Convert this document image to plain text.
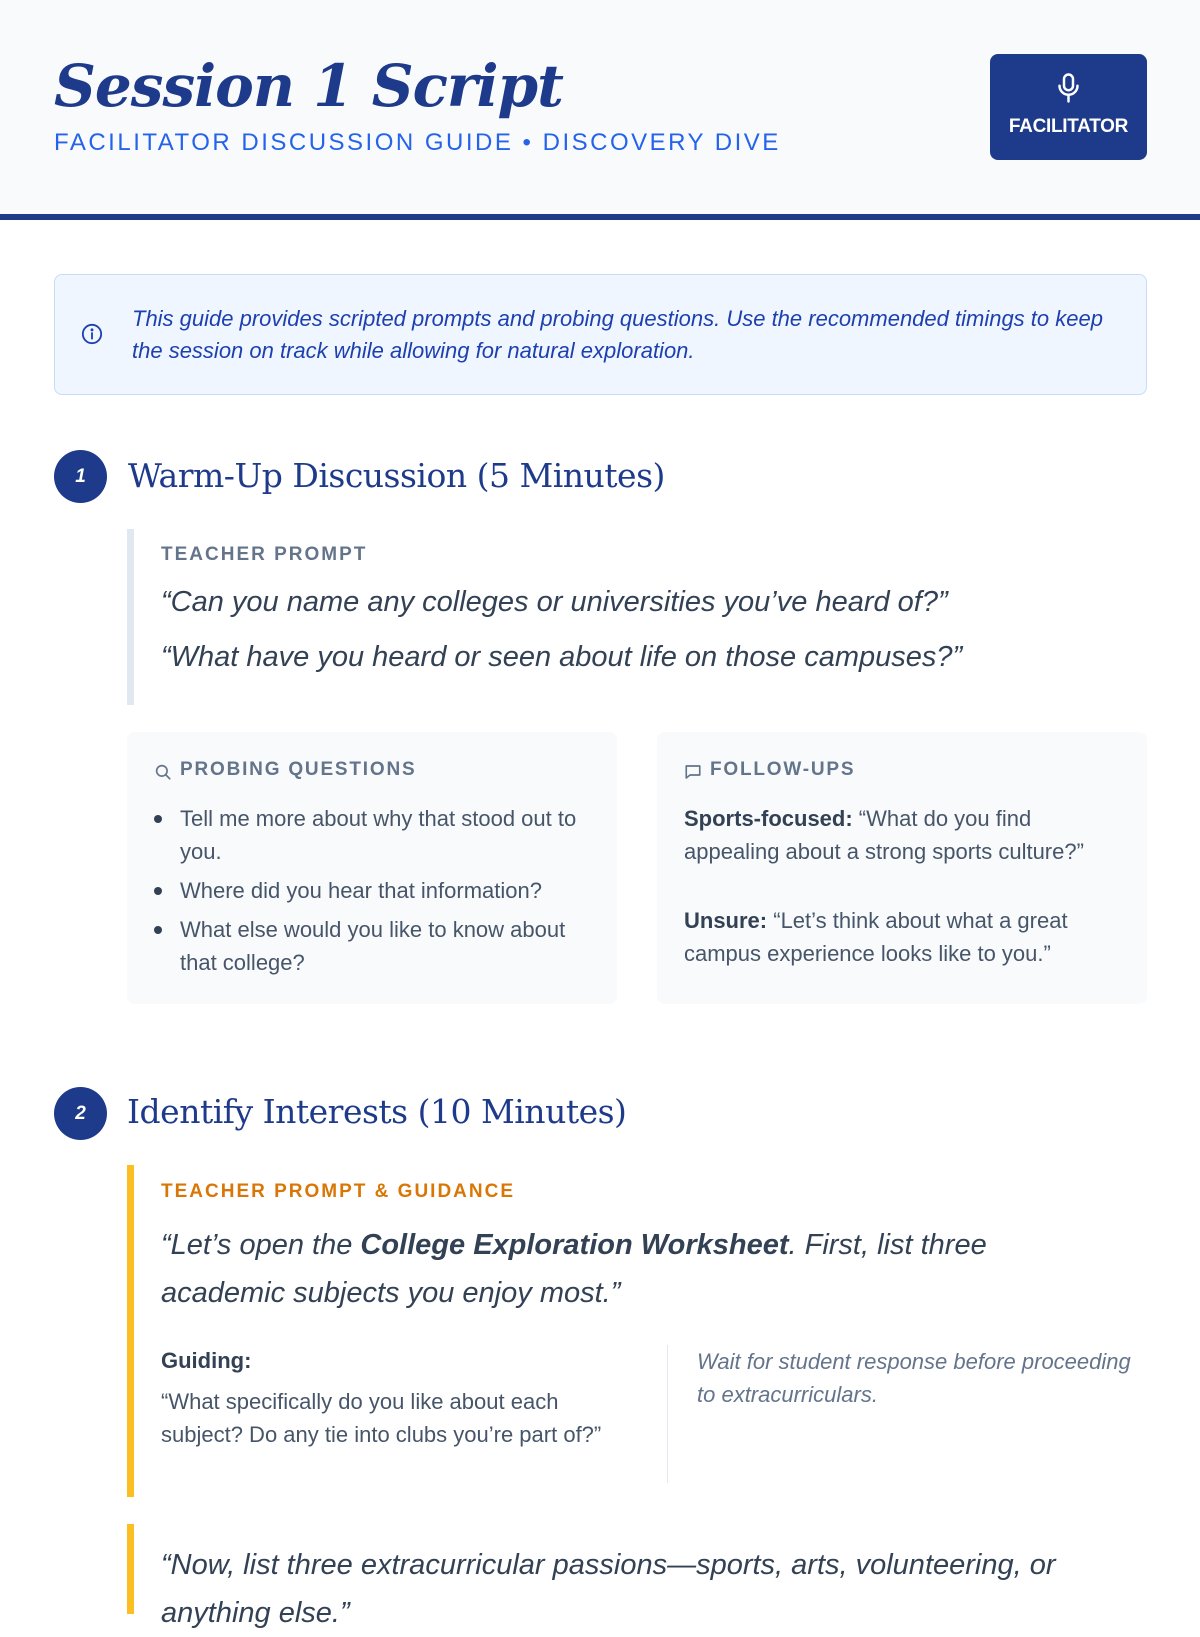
Session 1 Script
FACILITATOR DISCUSSION GUIDE • DISCOVERY DIVE
FACILITATOR
This guide provides scripted prompts and probing questions. Use the recommended timings to keep the session on track while allowing for natural exploration.
1	Warm-Up Discussion (5 Minutes)
TEACHER PROMPT
“Can you name any colleges or universities you’ve heard of?”
“What have you heard or seen about life on those campuses?”
PROBING QUESTIONS
Tell me more about why that stood out to you.
Where did you hear that information?
What else would you like to know about that college?
FOLLOW-UPS
Sports-focused: “What do you find appealing about a strong sports culture?”
Unsure: “Let’s think about what a great campus experience looks like to you.”
2	Identify Interests (10 Minutes)
TEACHER PROMPT & GUIDANCE
“Let’s open the College Exploration Worksheet. First, list three academic subjects you enjoy most.”
Guiding:
“What specifically do you like about each subject? Do any tie into clubs you’re part of?”
Wait for student response before proceeding to extracurriculars.
“Now, list three extracurricular passions—sports, arts, volunteering, or anything else.”
